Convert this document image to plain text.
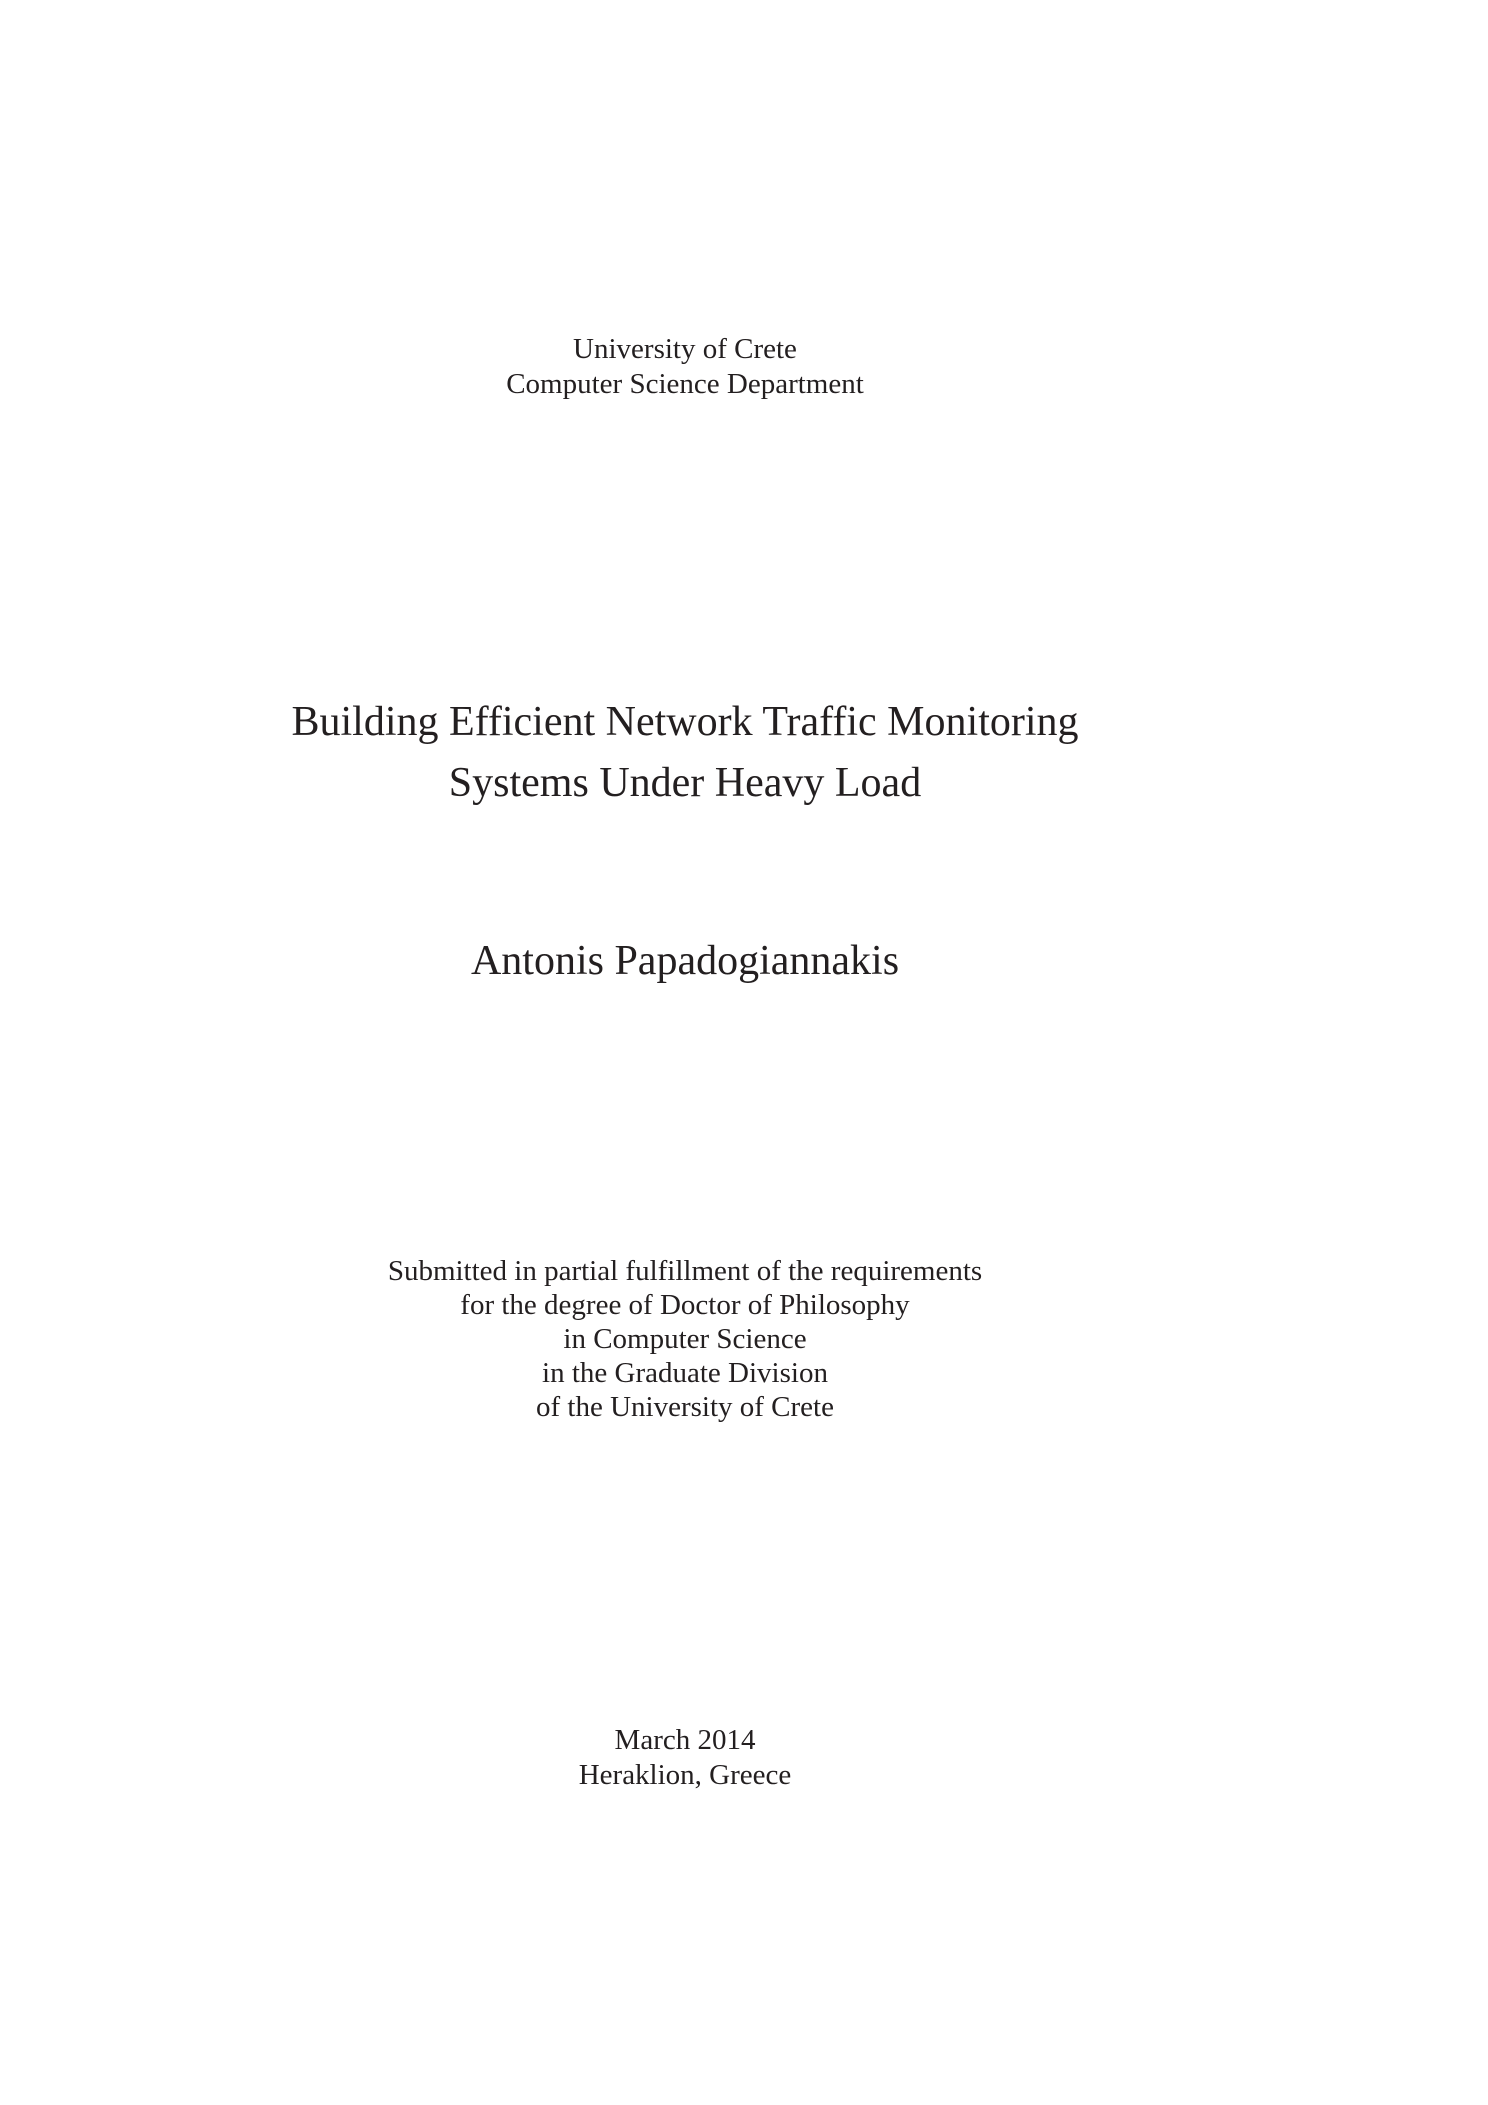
University of Crete
Computer Science Department
Building Efficient Network Traffic Monitoring
Systems Under Heavy Load
Antonis Papadogiannakis
Submitted in partial fulfillment of the requirements
for the degree of Doctor of Philosophy
in Computer Science
in the Graduate Division
of the University of Crete
March 2014
Heraklion, Greece
